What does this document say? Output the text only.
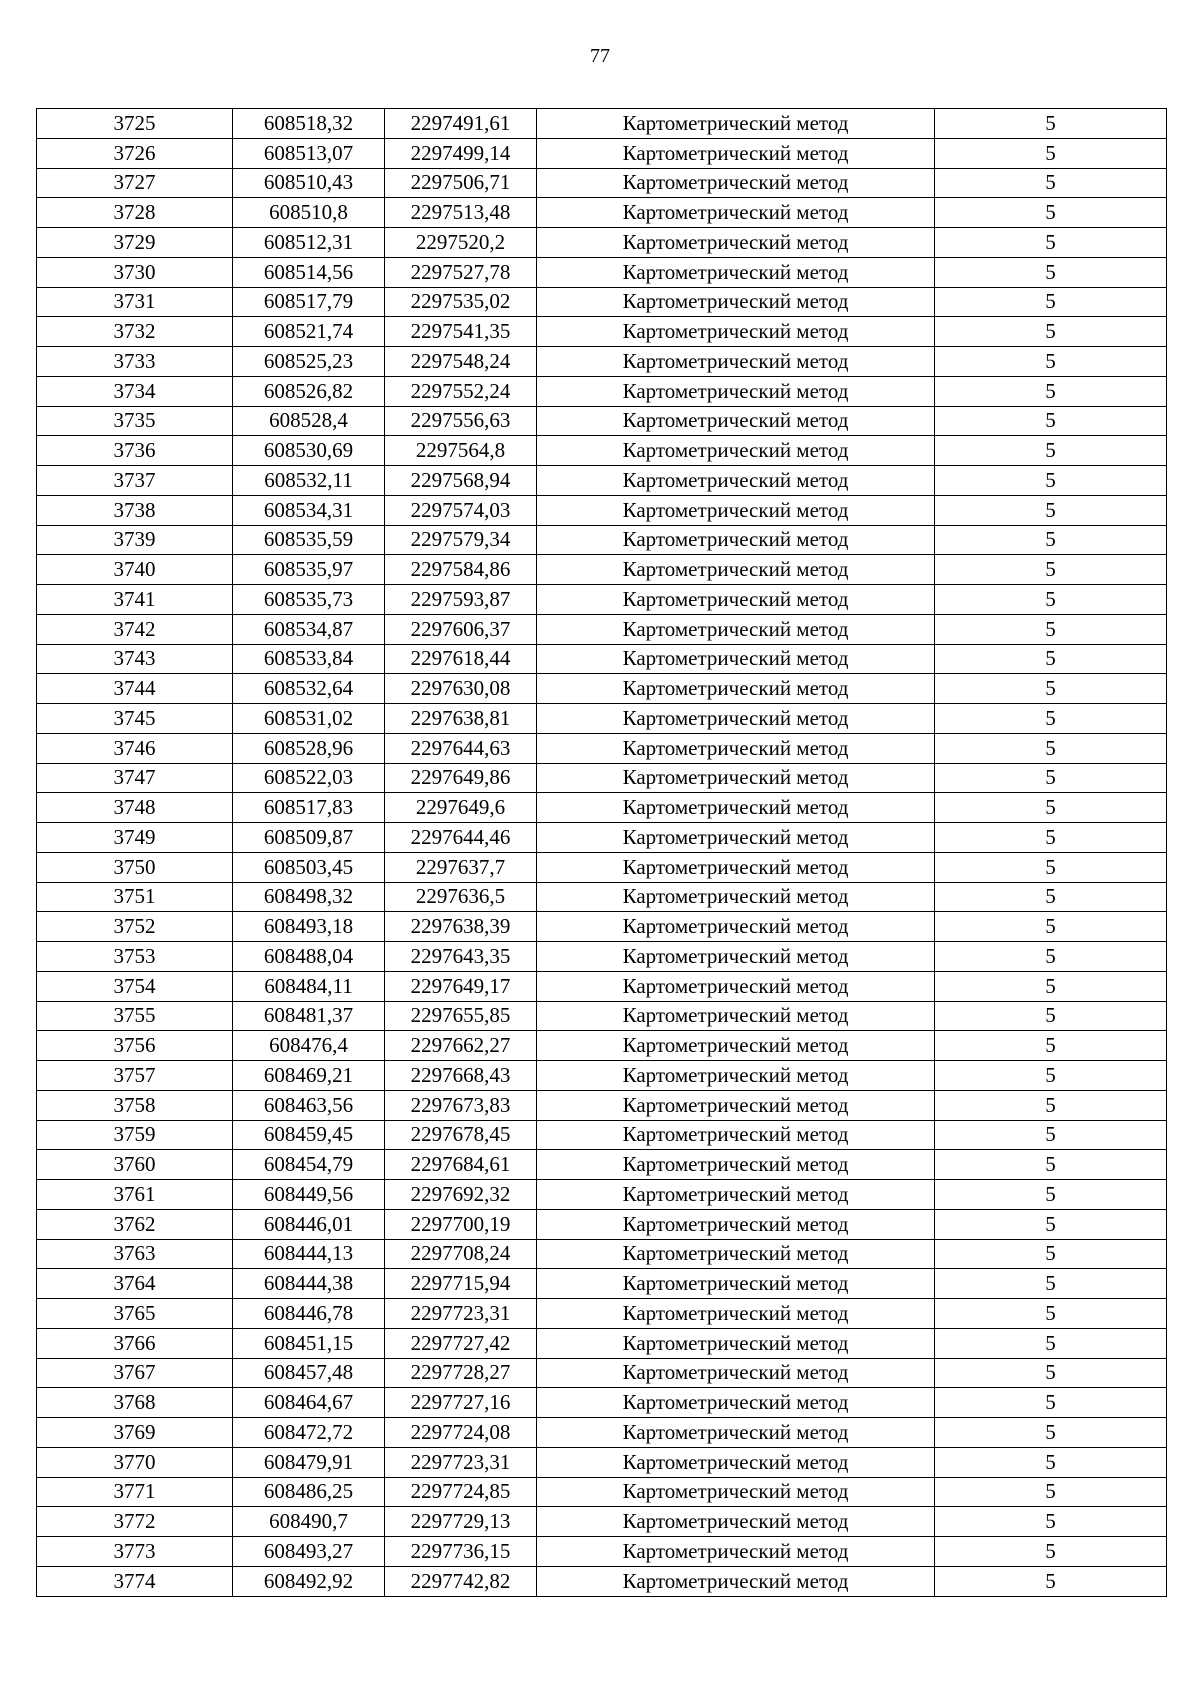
77
3725	608518,32	2297491,61	Картометрический метод	5
3726	608513,07	2297499,14	Картометрический метод	5
3727	608510,43	2297506,71	Картометрический метод	5
3728	608510,8	2297513,48	Картометрический метод	5
3729	608512,31	2297520,2	Картометрический метод	5
3730	608514,56	2297527,78	Картометрический метод	5
3731	608517,79	2297535,02	Картометрический метод	5
3732	608521,74	2297541,35	Картометрический метод	5
3733	608525,23	2297548,24	Картометрический метод	5
3734	608526,82	2297552,24	Картометрический метод	5
3735	608528,4	2297556,63	Картометрический метод	5
3736	608530,69	2297564,8	Картометрический метод	5
3737	608532,11	2297568,94	Картометрический метод	5
3738	608534,31	2297574,03	Картометрический метод	5
3739	608535,59	2297579,34	Картометрический метод	5
3740	608535,97	2297584,86	Картометрический метод	5
3741	608535,73	2297593,87	Картометрический метод	5
3742	608534,87	2297606,37	Картометрический метод	5
3743	608533,84	2297618,44	Картометрический метод	5
3744	608532,64	2297630,08	Картометрический метод	5
3745	608531,02	2297638,81	Картометрический метод	5
3746	608528,96	2297644,63	Картометрический метод	5
3747	608522,03	2297649,86	Картометрический метод	5
3748	608517,83	2297649,6	Картометрический метод	5
3749	608509,87	2297644,46	Картометрический метод	5
3750	608503,45	2297637,7	Картометрический метод	5
3751	608498,32	2297636,5	Картометрический метод	5
3752	608493,18	2297638,39	Картометрический метод	5
3753	608488,04	2297643,35	Картометрический метод	5
3754	608484,11	2297649,17	Картометрический метод	5
3755	608481,37	2297655,85	Картометрический метод	5
3756	608476,4	2297662,27	Картометрический метод	5
3757	608469,21	2297668,43	Картометрический метод	5
3758	608463,56	2297673,83	Картометрический метод	5
3759	608459,45	2297678,45	Картометрический метод	5
3760	608454,79	2297684,61	Картометрический метод	5
3761	608449,56	2297692,32	Картометрический метод	5
3762	608446,01	2297700,19	Картометрический метод	5
3763	608444,13	2297708,24	Картометрический метод	5
3764	608444,38	2297715,94	Картометрический метод	5
3765	608446,78	2297723,31	Картометрический метод	5
3766	608451,15	2297727,42	Картометрический метод	5
3767	608457,48	2297728,27	Картометрический метод	5
3768	608464,67	2297727,16	Картометрический метод	5
3769	608472,72	2297724,08	Картометрический метод	5
3770	608479,91	2297723,31	Картометрический метод	5
3771	608486,25	2297724,85	Картометрический метод	5
3772	608490,7	2297729,13	Картометрический метод	5
3773	608493,27	2297736,15	Картометрический метод	5
3774	608492,92	2297742,82	Картометрический метод	5
